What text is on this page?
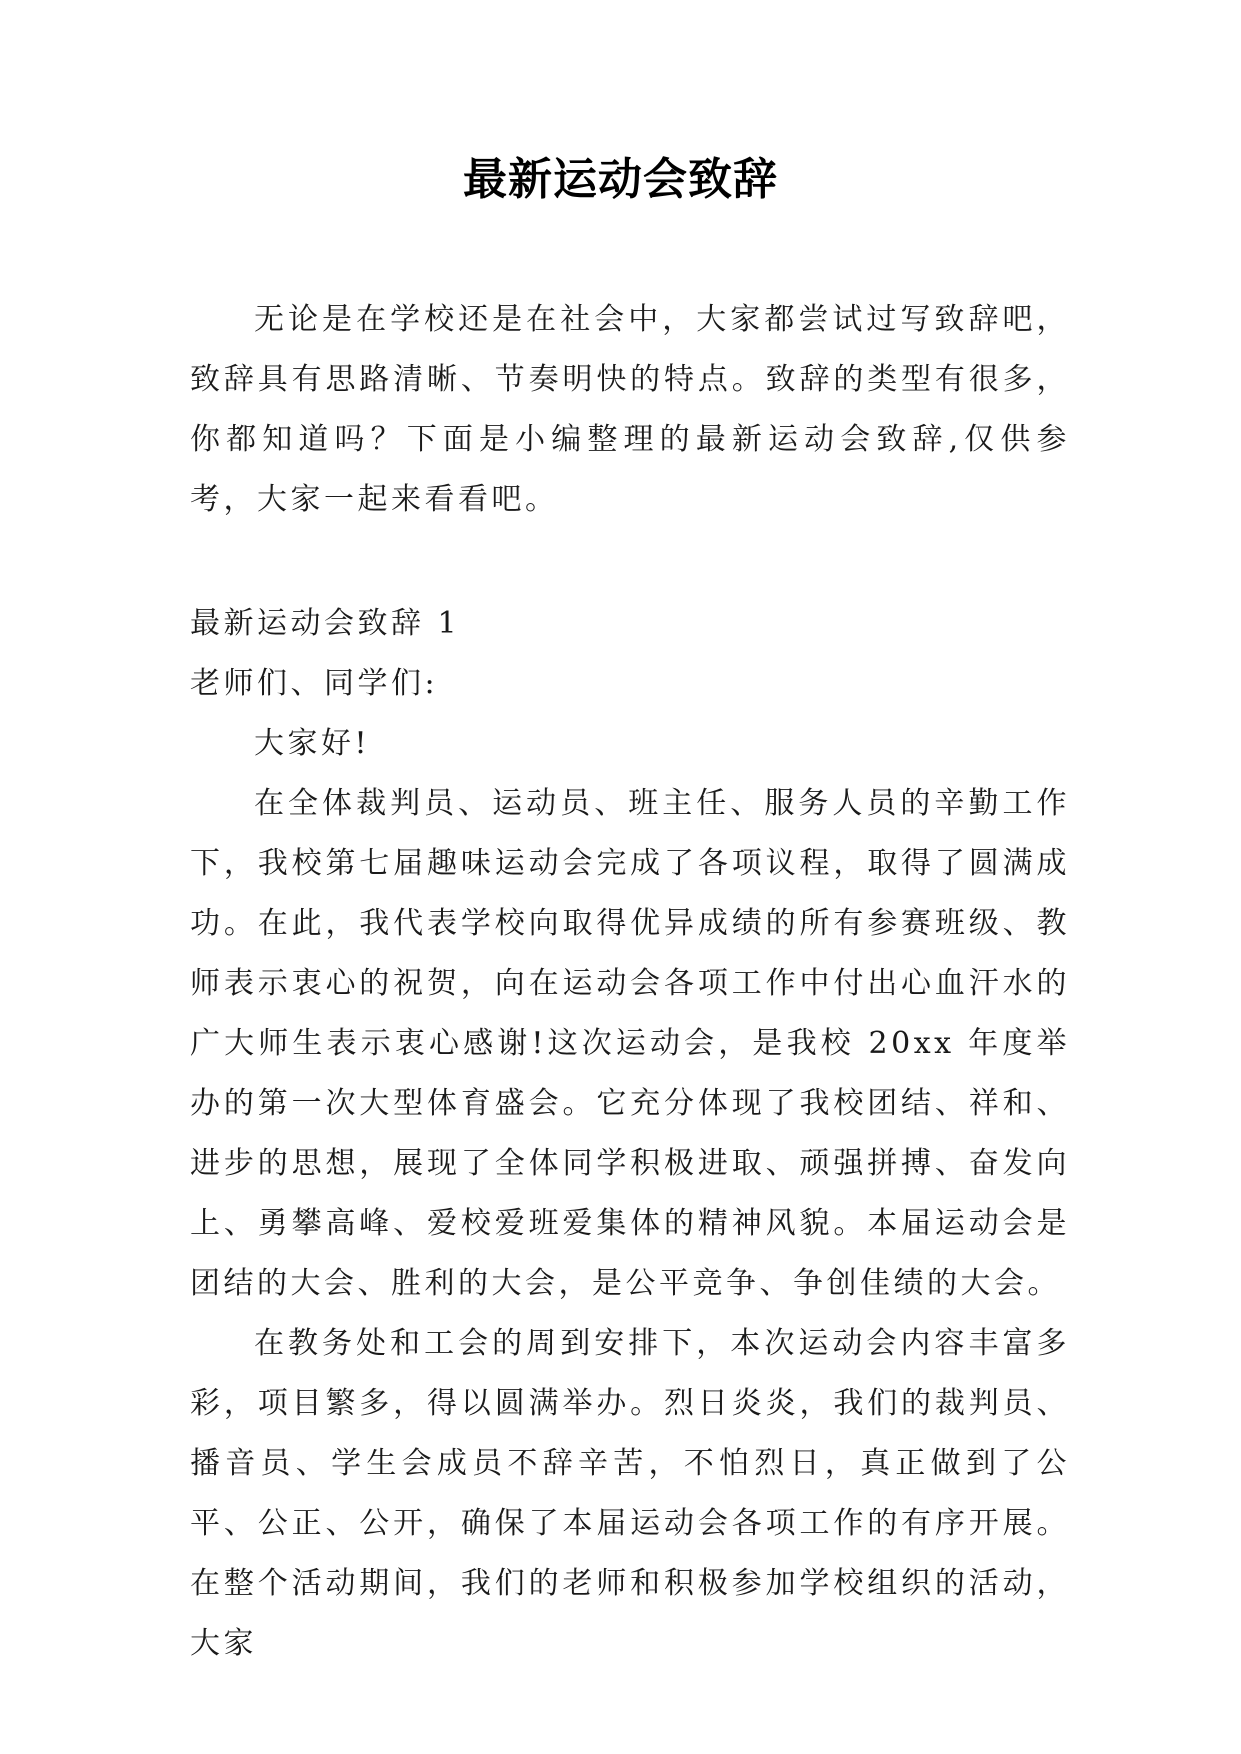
最新运动会致辞

无论是在学校还是在社会中，大家都尝试过写致辞吧，致辞具有思路清晰、节奏明快的特点。致辞的类型有很多，你都知道吗？下面是小编整理的最新运动会致辞,仅供参考，大家一起来看看吧。

最新运动会致辞 1

老师们、同学们:

大家好!

在全体裁判员、运动员、班主任、服务人员的辛勤工作下，我校第七届趣味运动会完成了各项议程，取得了圆满成功。在此，我代表学校向取得优异成绩的所有参赛班级、教师表示衷心的祝贺，向在运动会各项工作中付出心血汗水的广大师生表示衷心感谢!这次运动会，是我校 20xx 年度举办的第一次大型体育盛会。它充分体现了我校团结、祥和、进步的思想，展现了全体同学积极进取、顽强拼搏、奋发向上、勇攀高峰、爱校爱班爱集体的精神风貌。本届运动会是团结的大会、胜利的大会，是公平竞争、争创佳绩的大会。

在教务处和工会的周到安排下，本次运动会内容丰富多彩，项目繁多，得以圆满举办。烈日炎炎，我们的裁判员、播音员、学生会成员不辞辛苦，不怕烈日，真正做到了公平、公正、公开，确保了本届运动会各项工作的有序开展。在整个活动期间，我们的老师和积极参加学校组织的活动，大家
